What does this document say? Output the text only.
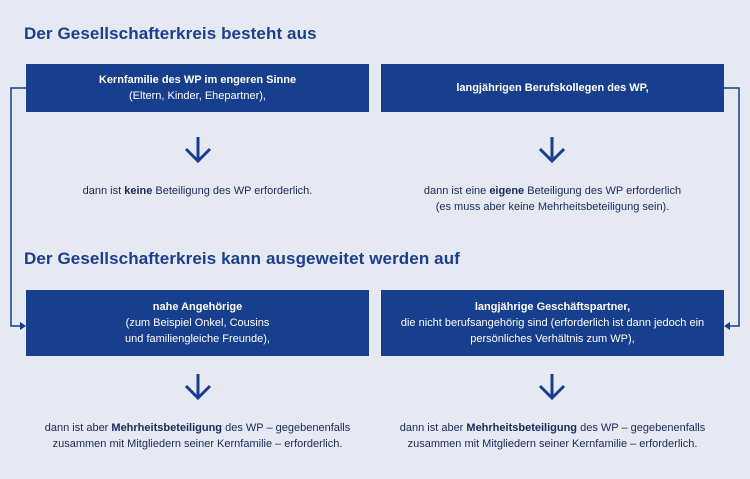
Der Gesellschafterkreis besteht aus
Kernfamilie des WP im engeren Sinne
(Eltern, Kinder, Ehepartner),
langjährigen Berufskollegen des WP,
dann ist keine Beteiligung des WP erforderlich.	dann ist eine eigene Beteiligung des WP erforderlich
(es muss aber keine Mehrheitsbeteiligung sein).
Der Gesellschafterkreis kann ausgeweitet werden auf
nahe Angehörige
(zum Beispiel Onkel, Cousins
und familiengleiche Freunde),
langjährige Geschäftspartner,
die nicht berufsangehörig sind (erforderlich ist dann jedoch ein
persönliches Verhältnis zum WP),
dann ist aber Mehrheitsbeteiligung des WP – gegebenenfalls
zusammen mit Mitgliedern seiner Kernfamilie – erforderlich.
dann ist aber Mehrheitsbeteiligung des WP – gegebenenfalls
zusammen mit Mitgliedern seiner Kernfamilie – erforderlich.
